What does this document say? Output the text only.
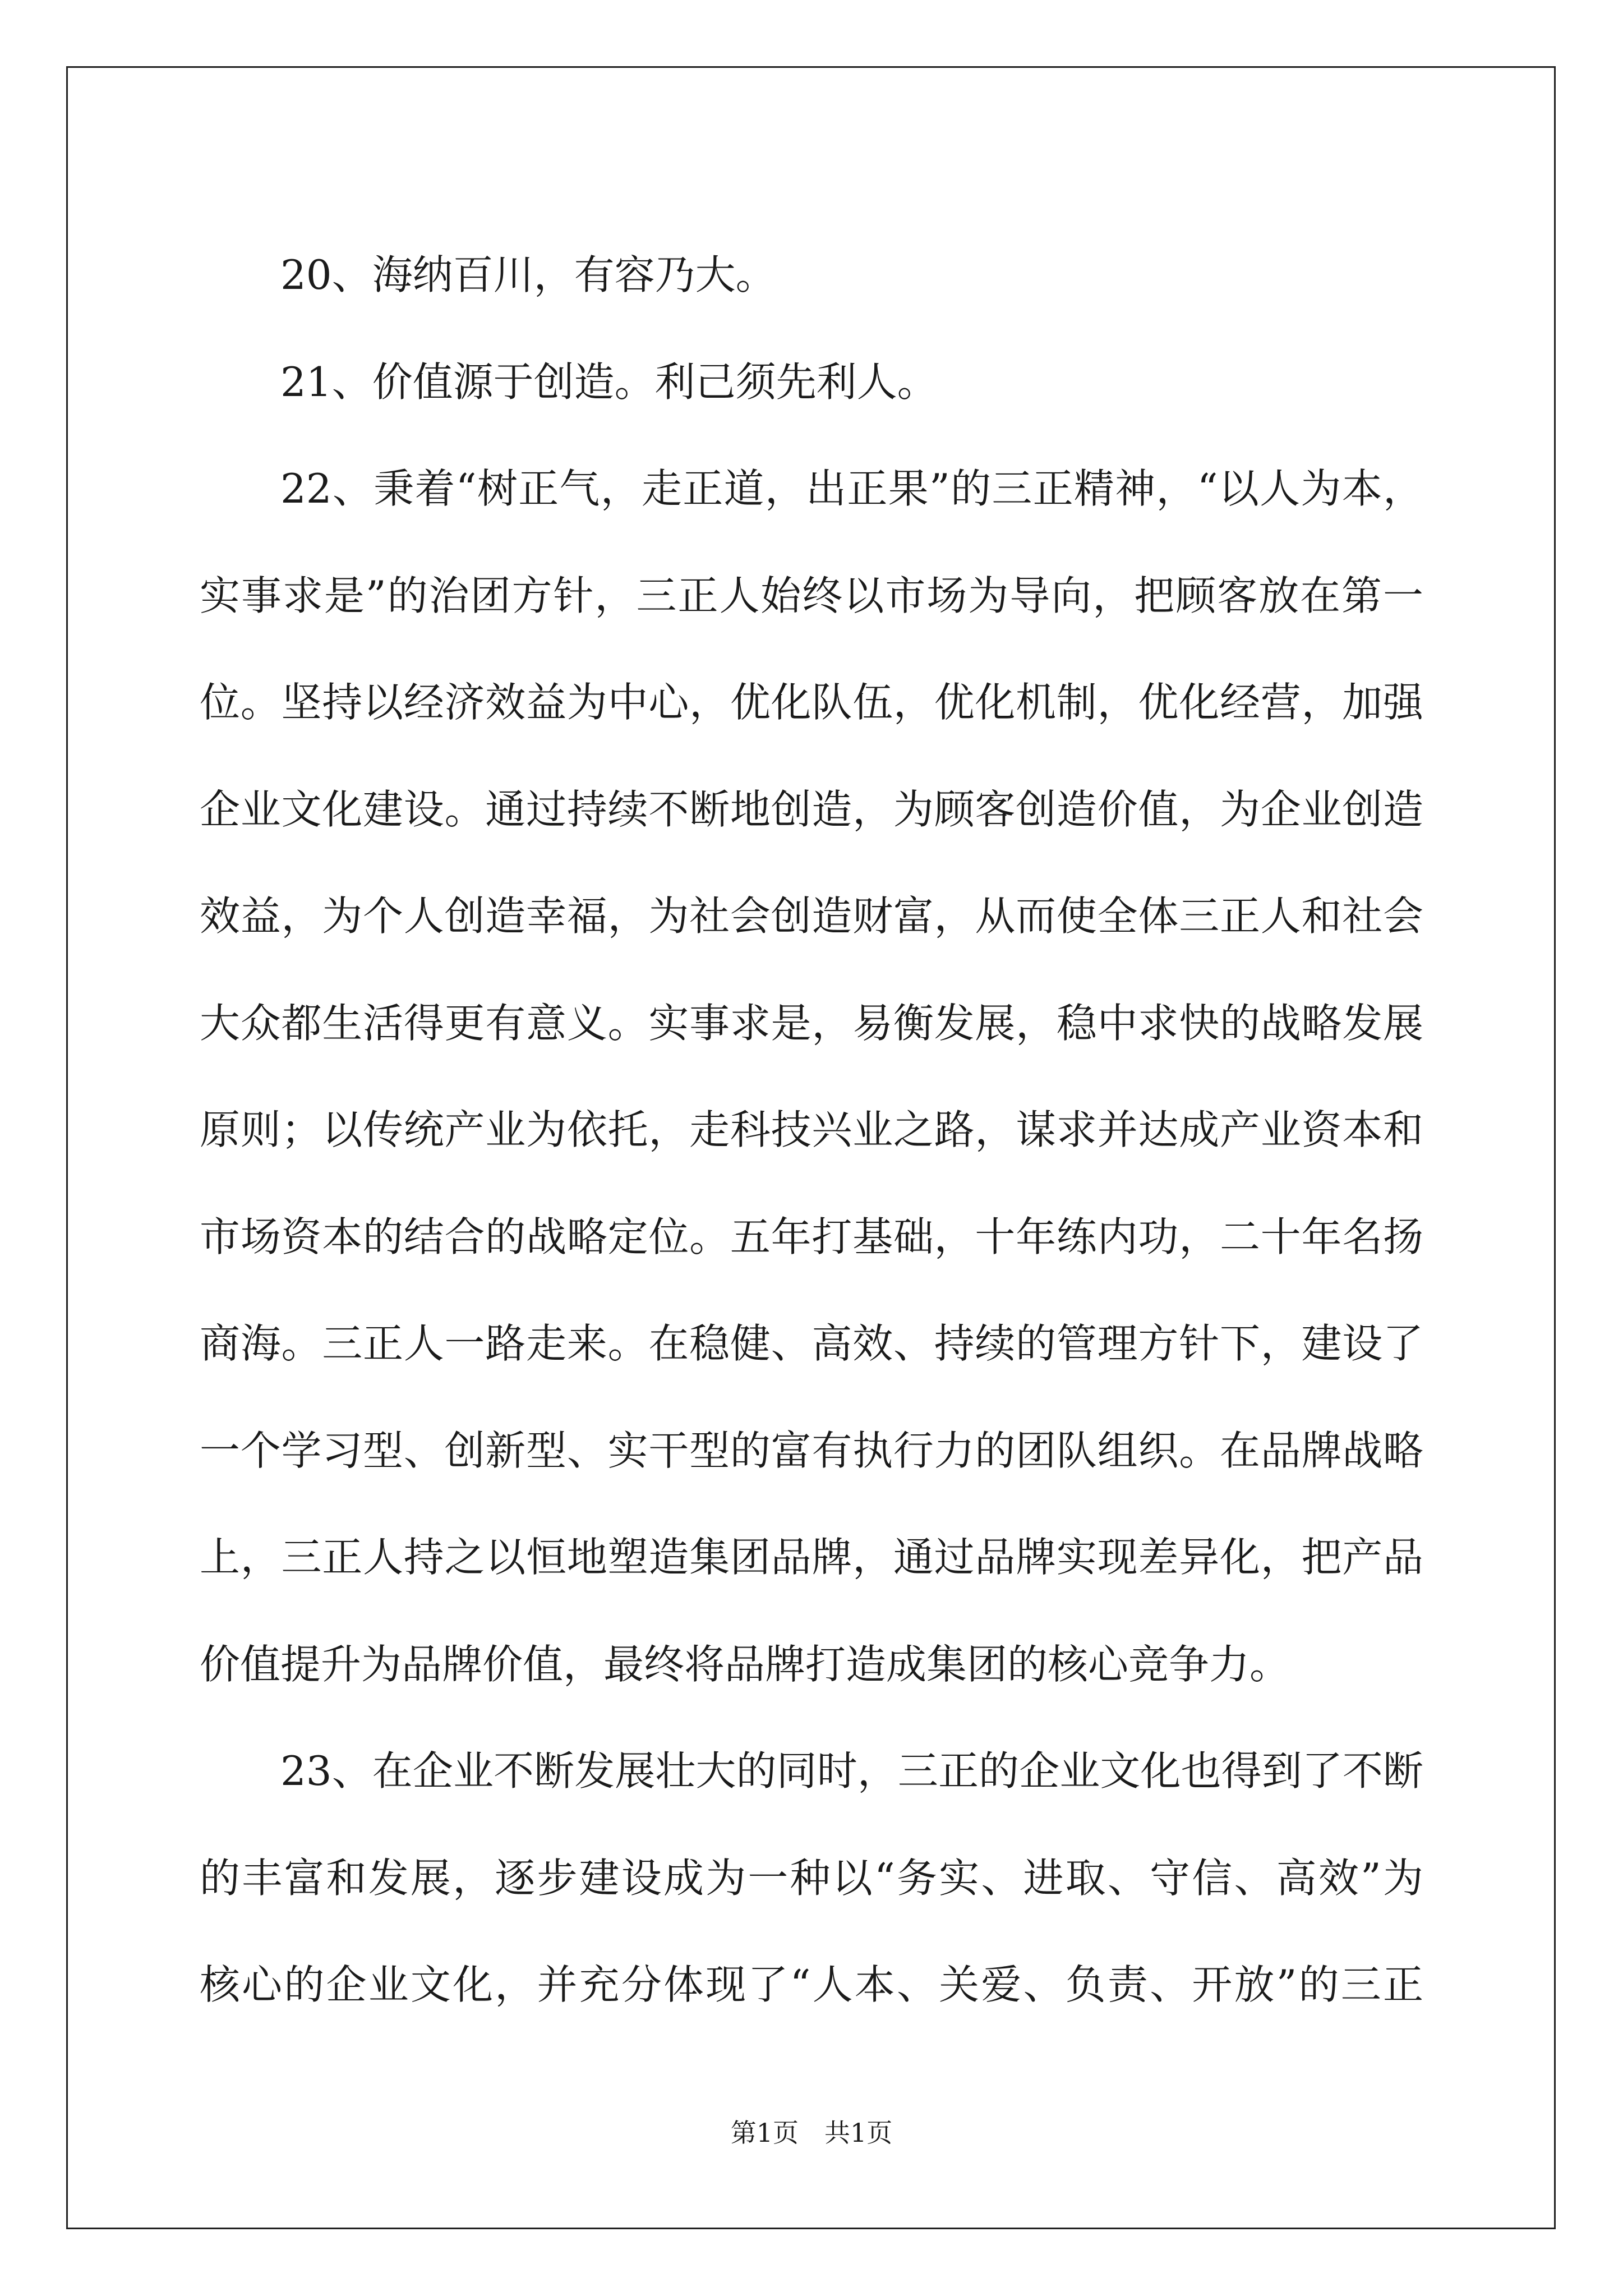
20、海纳百川，有容乃大。
21、价值源于创造。利己须先利人。
22、秉着“树正气，走正道，出正果”的三正精神，“以人为本，
实事求是”的治团方针，三正人始终以市场为导向，把顾客放在第一
位。坚持以经济效益为中心，优化队伍，优化机制，优化经营，加强
企业文化建设。通过持续不断地创造，为顾客创造价值，为企业创造
效益，为个人创造幸福，为社会创造财富，从而使全体三正人和社会
大众都生活得更有意义。实事求是，易衡发展，稳中求快的战略发展
原则；以传统产业为依托，走科技兴业之路，谋求并达成产业资本和
市场资本的结合的战略定位。五年打基础，十年练内功，二十年名扬
商海。三正人一路走来。在稳健、高效、持续的管理方针下，建设了
一个学习型、创新型、实干型的富有执行力的团队组织。在品牌战略
上，三正人持之以恒地塑造集团品牌，通过品牌实现差异化，把产品
价值提升为品牌价值，最终将品牌打造成集团的核心竞争力。
23、在企业不断发展壮大的同时，三正的企业文化也得到了不断
的丰富和发展，逐步建设成为一种以“务实、进取、守信、高效”为
核心的企业文化，并充分体现了“人本、关爱、负责、开放”的三正
第1页　共1页
